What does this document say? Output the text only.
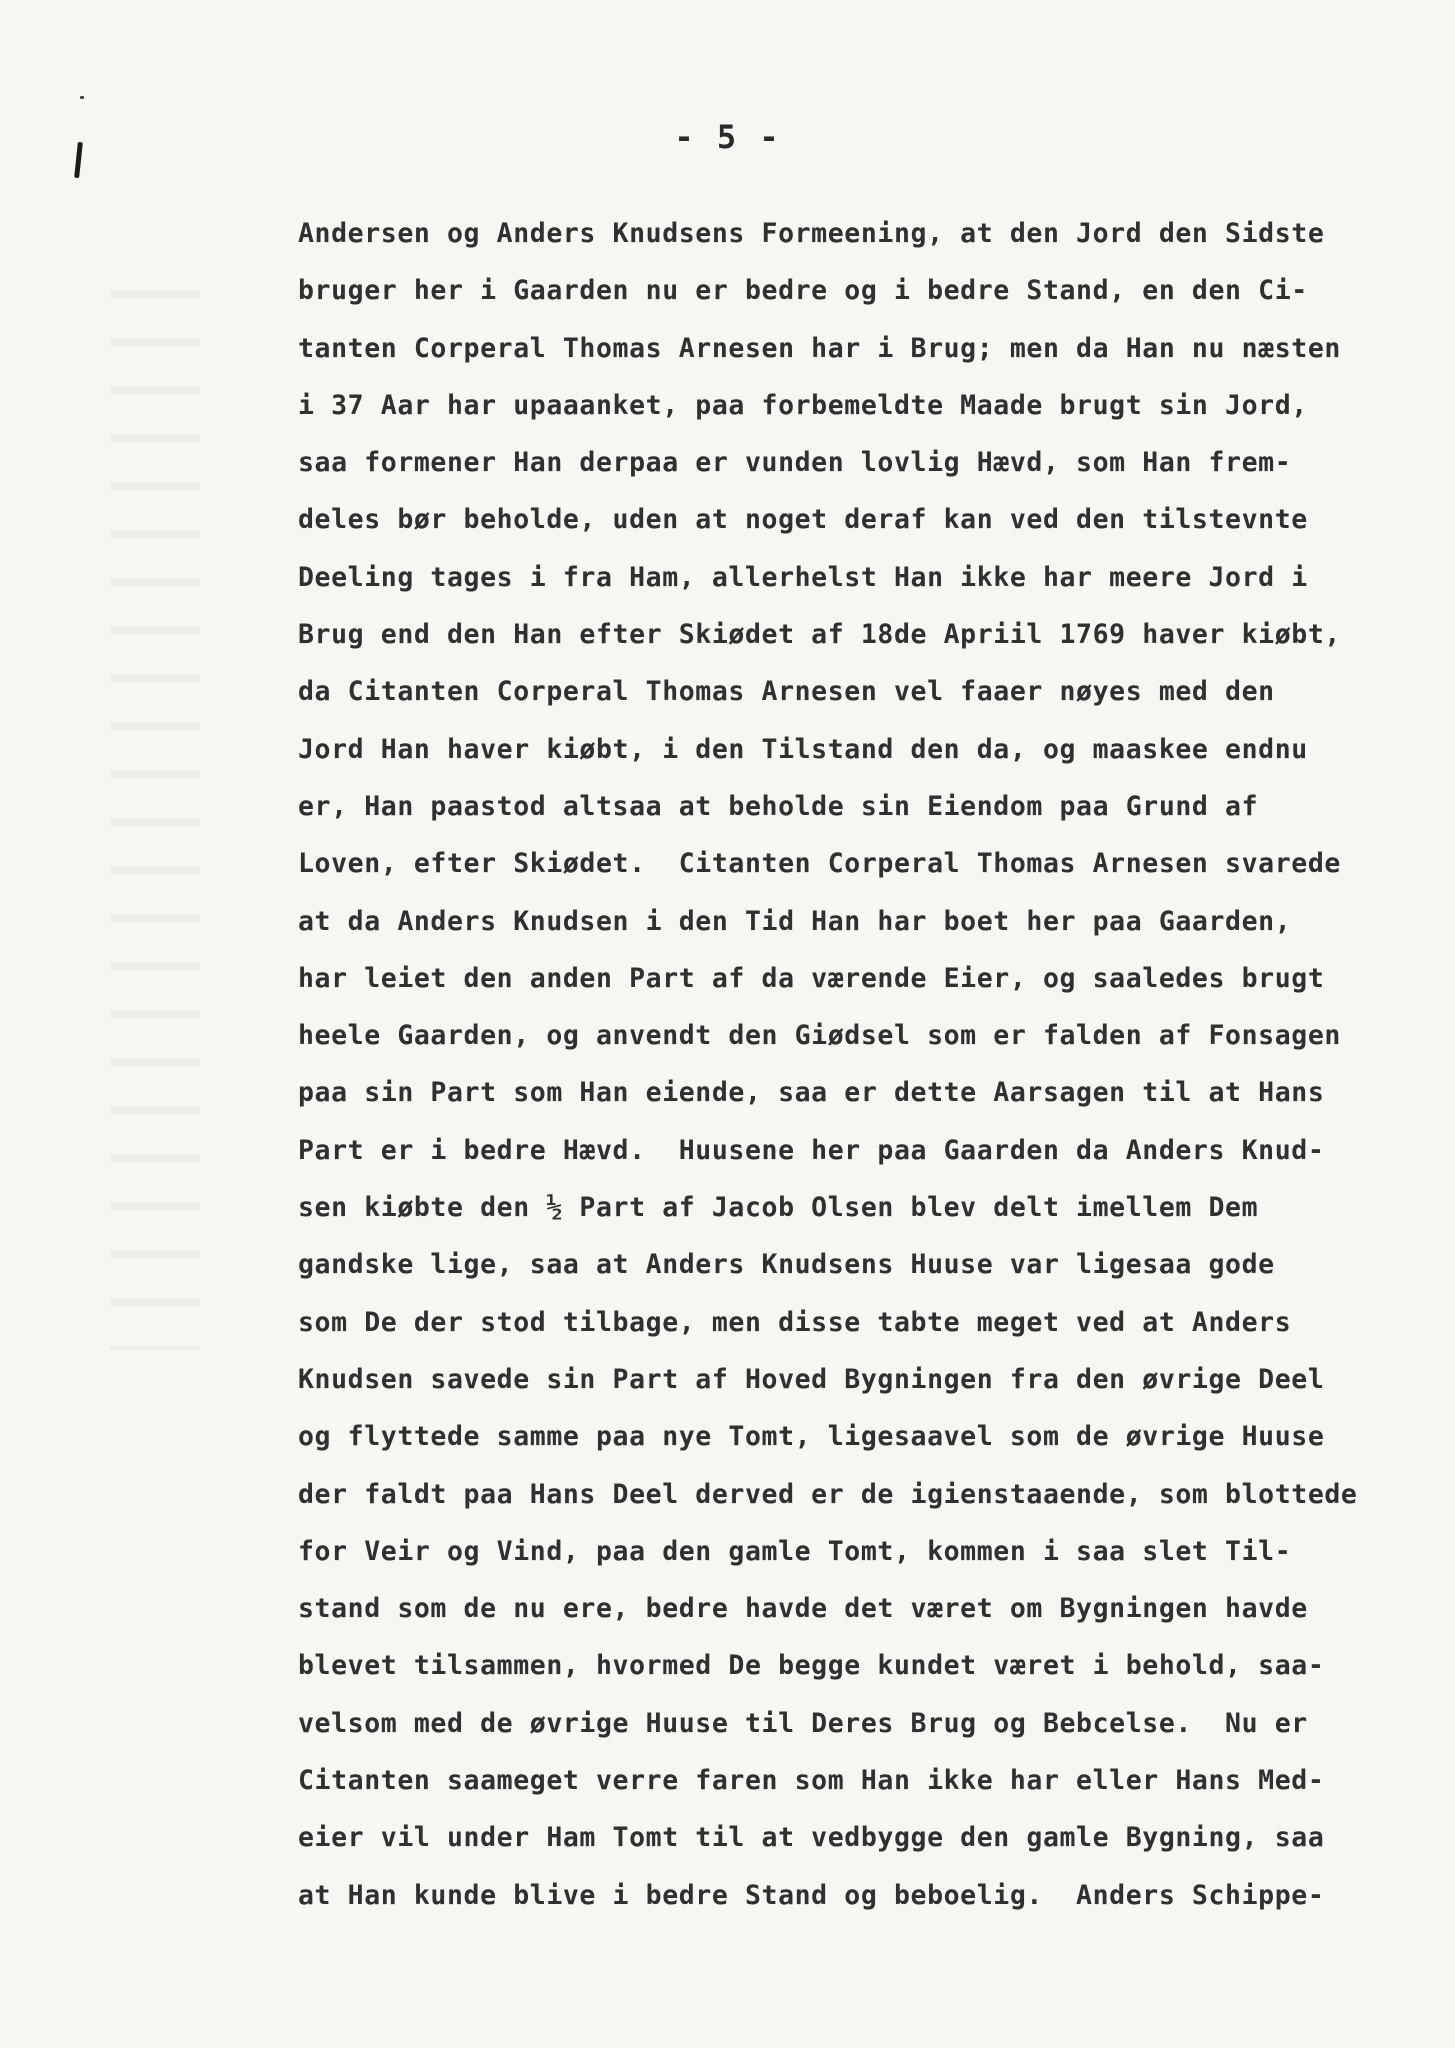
- 5 -
Andersen og Anders Knudsens Formeening, at den Jord den Sidste
bruger her i Gaarden nu er bedre og i bedre Stand, en den Ci-
tanten Corperal Thomas Arnesen har i Brug; men da Han nu næsten
i 37 Aar har upaaanket, paa forbemeldte Maade brugt sin Jord,
saa formener Han derpaa er vunden lovlig Hævd, som Han frem-
deles bør beholde, uden at noget deraf kan ved den tilstevnte
Deeling tages i fra Ham, allerhelst Han ikke har meere Jord i
Brug end den Han efter Skiødet af 18de Apriil 1769 haver kiøbt,
da Citanten Corperal Thomas Arnesen vel faaer nøyes med den
Jord Han haver kiøbt, i den Tilstand den da, og maaskee endnu
er, Han paastod altsaa at beholde sin Eiendom paa Grund af
Loven, efter Skiødet.  Citanten Corperal Thomas Arnesen svarede
at da Anders Knudsen i den Tid Han har boet her paa Gaarden,
har leiet den anden Part af da værende Eier, og saaledes brugt
heele Gaarden, og anvendt den Giødsel som er falden af Fonsagen
paa sin Part som Han eiende, saa er dette Aarsagen til at Hans
Part er i bedre Hævd.  Huusene her paa Gaarden da Anders Knud-
sen kiøbte den ½ Part af Jacob Olsen blev delt imellem Dem
gandske lige, saa at Anders Knudsens Huuse var ligesaa gode
som De der stod tilbage, men disse tabte meget ved at Anders
Knudsen savede sin Part af Hoved Bygningen fra den øvrige Deel
og flyttede samme paa nye Tomt, ligesaavel som de øvrige Huuse
der faldt paa Hans Deel derved er de igienstaaende, som blottede
for Veir og Vind, paa den gamle Tomt, kommen i saa slet Til-
stand som de nu ere, bedre havde det været om Bygningen havde
blevet tilsammen, hvormed De begge kundet været i behold, saa-
velsom med de øvrige Huuse til Deres Brug og Bebcelse.  Nu er
Citanten saameget verre faren som Han ikke har eller Hans Med-
eier vil under Ham Tomt til at vedbygge den gamle Bygning, saa
at Han kunde blive i bedre Stand og beboelig.  Anders Schippe-
